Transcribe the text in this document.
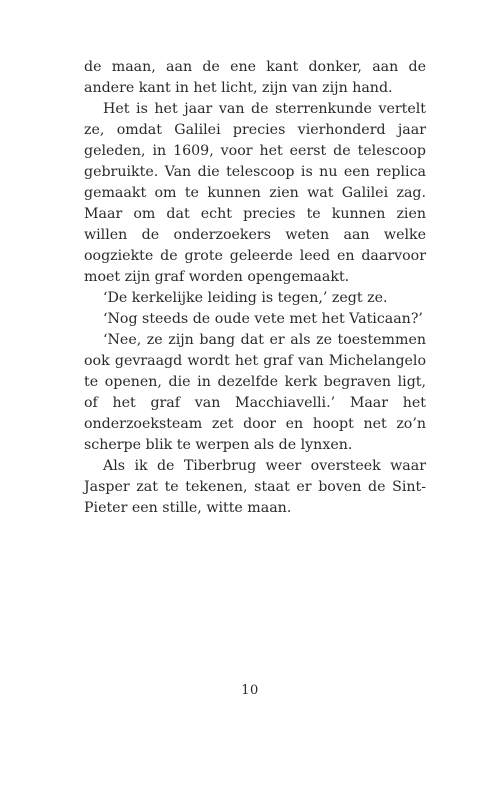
de maan, aan de ene kant donker, aan de andere kant in het licht, zijn van zijn hand.

Het is het jaar van de sterrenkunde vertelt ze, omdat Galilei precies vierhonderd jaar geleden, in 1609, voor het eerst de telescoop gebruikte. Van die telescoop is nu een replica gemaakt om te kunnen zien wat Galilei zag. Maar om dat echt precies te kunnen zien willen de onderzoekers weten aan welke oogziekte de grote geleerde leed en daarvoor moet zijn graf worden opengemaakt.

‘De kerkelijke leiding is tegen,’ zegt ze.

‘Nog steeds de oude vete met het Vaticaan?’

‘Nee, ze zijn bang dat er als ze toestemmen ook gevraagd wordt het graf van Michelangelo te openen, die in dezelfde kerk begraven ligt, of het graf van Macchiavelli.’ Maar het onderzoeksteam zet door en hoopt net zo’n scherpe blik te werpen als de lynxen.

Als ik de Tiberbrug weer oversteek waar Jasper zat te tekenen, staat er boven de Sint-Pieter een stille, witte maan.

10
